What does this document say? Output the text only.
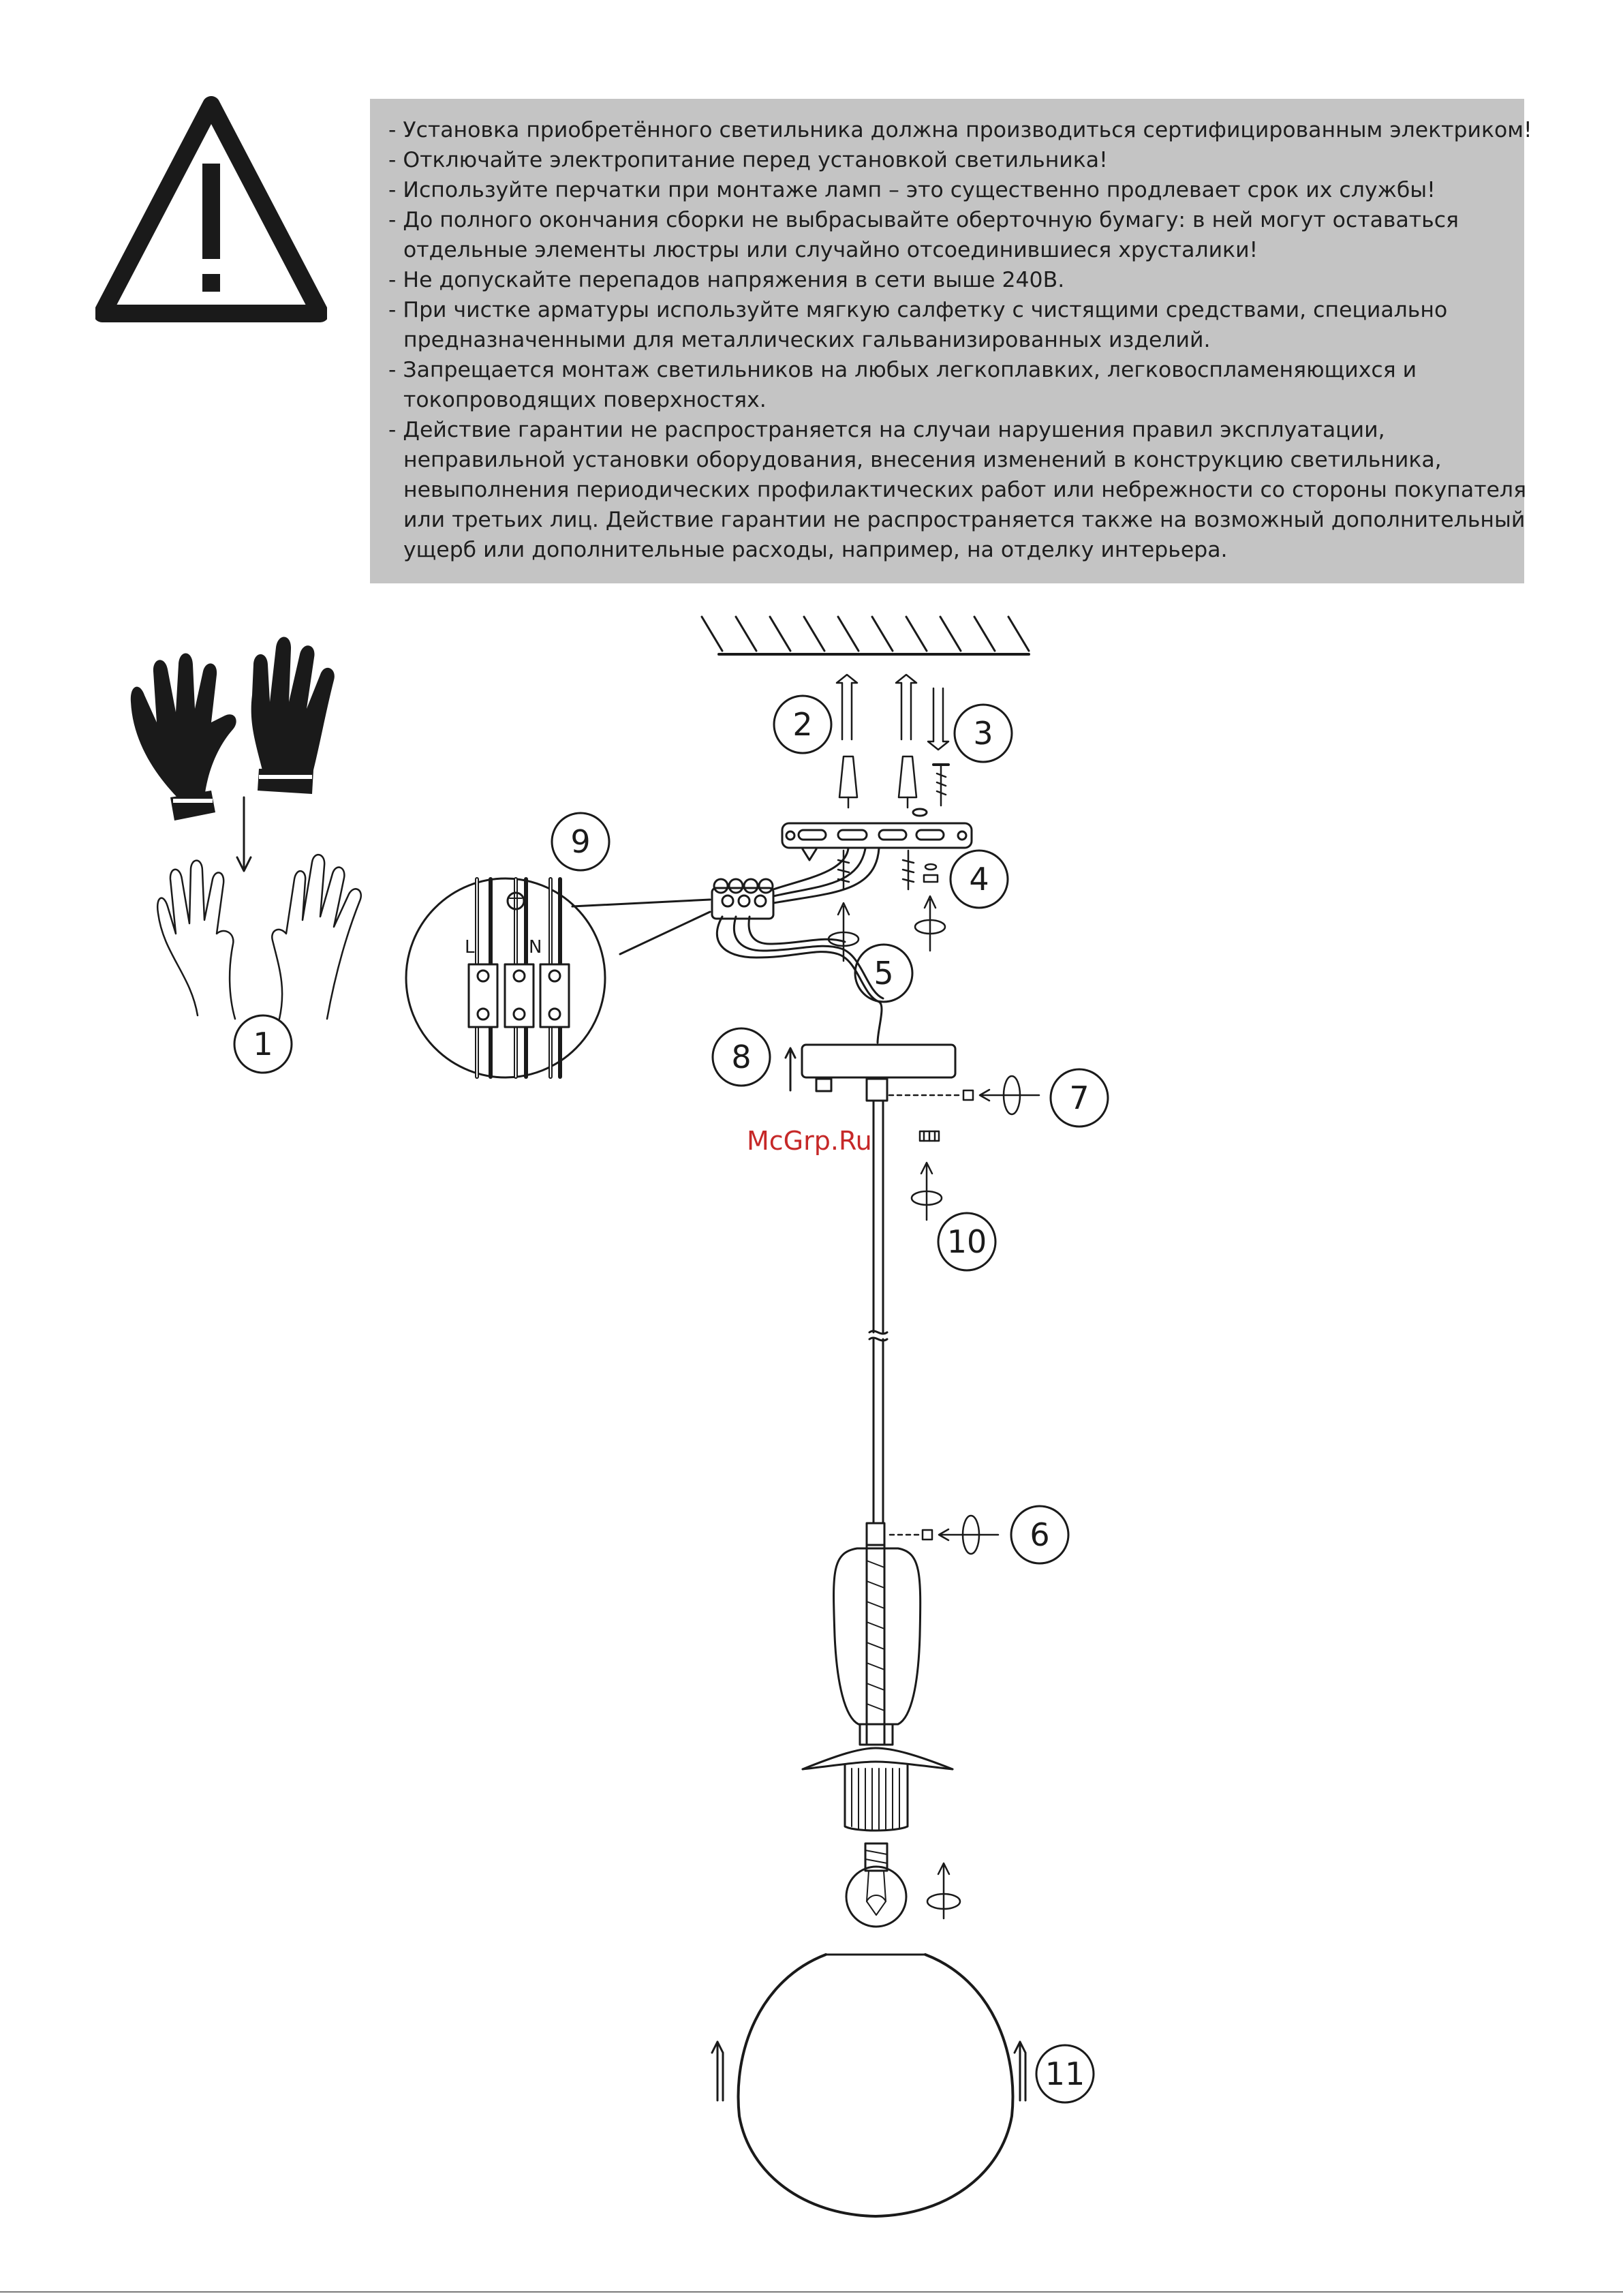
- Установка приобретённого светильника должна производиться сертифицированным электриком!
- Отключайте электропитание перед установкой светильника!
- Используйте перчатки при монтаже ламп – это существенно продлевает срок их службы!
- До полного окончания сборки не выбрасывайте оберточную бумагу: в ней могут оставаться
отдельные элементы люстры или случайно отсоединившиеся хрусталики!
- Не допускайте перепадов напряжения в сети выше 240В.
- При чистке арматуры используйте мягкую салфетку с чистящими средствами, специально
предназначенными для металлических гальванизированных изделий.
- Запрещается монтаж светильников на любых легкоплавких, легковоспламеняющихся и
токопроводящих поверхностях.
- Действие гарантии не распространяется на случаи нарушения правил эксплуатации,
неправильной установки оборудования, внесения изменений в конструкцию светильника,
невыполнения периодических профилактических работ или небрежности со стороны покупателя
или третьих лиц. Действие гарантии не распространяется также на возможный дополнительный
ущерб или дополнительные расходы, например, на отделку интерьера.
1
2	3
4
5
6
7
8
9
10
11
L	N
McGrp.Ru
